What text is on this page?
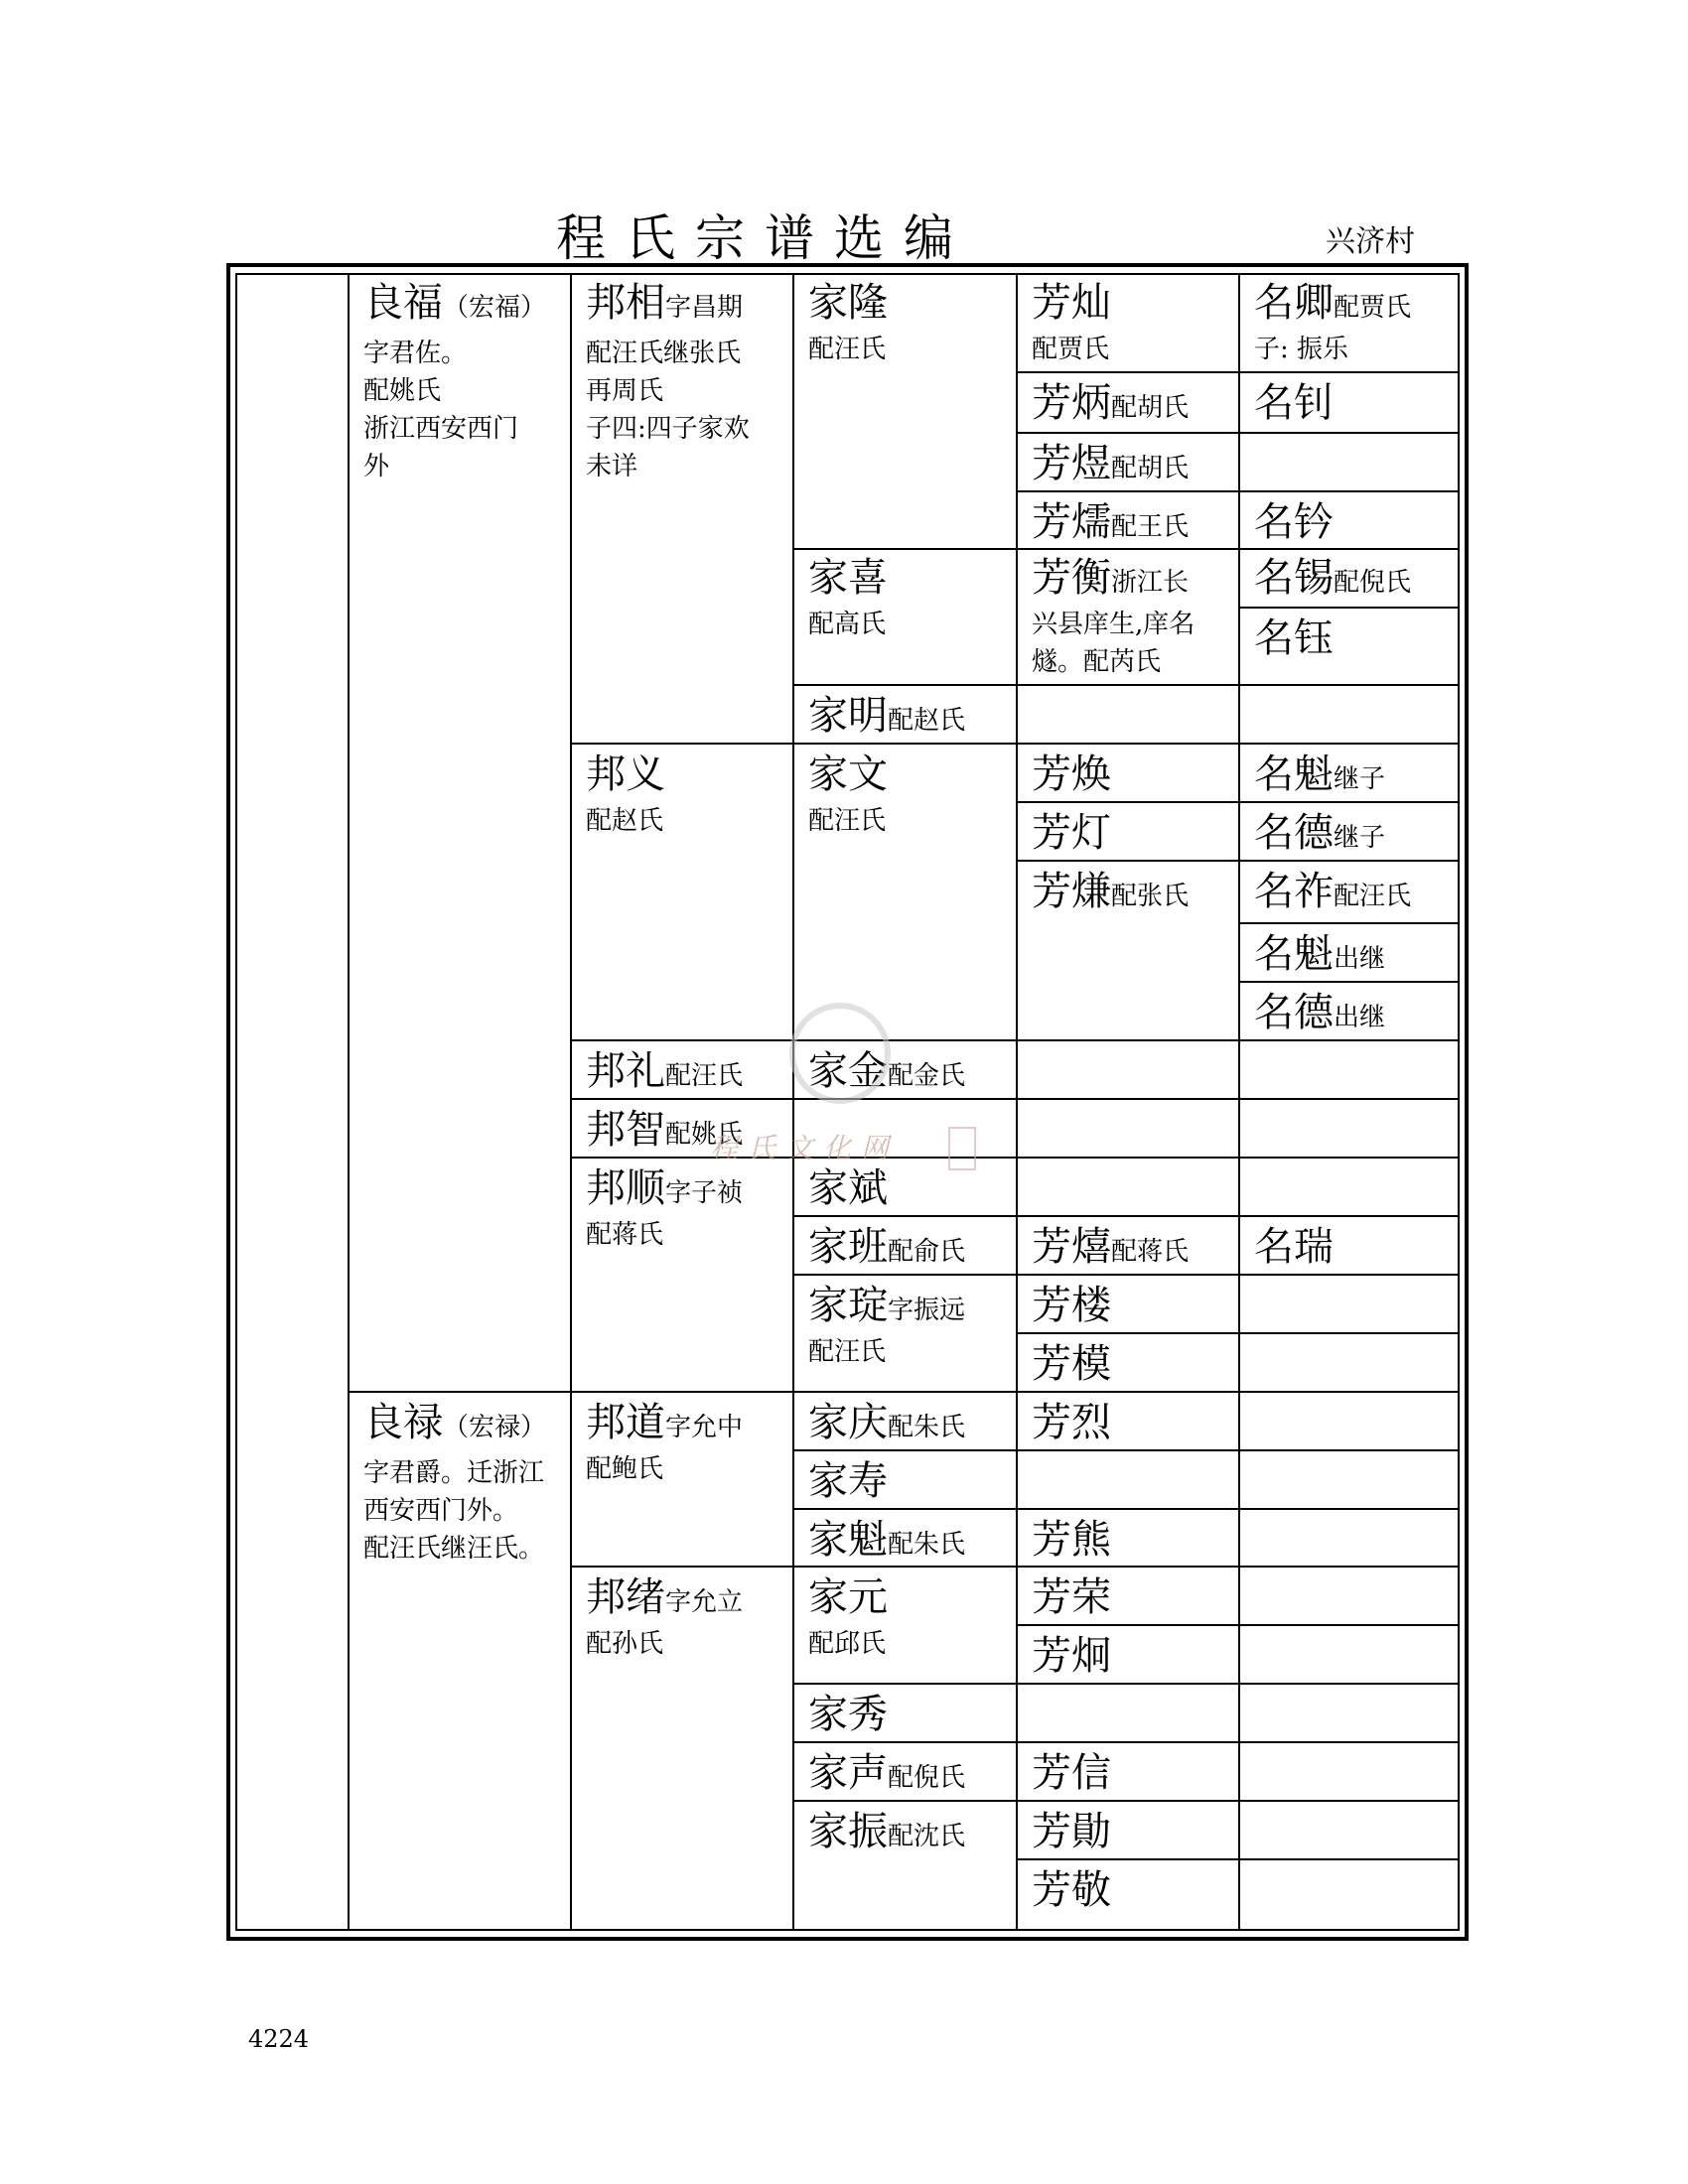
程氏宗谱选编	兴济村
良福（宏福）
字君佐。
配姚氏
浙江西安西门
外
良禄（宏禄）
字君爵。迁浙江
西安西门外。
配汪氏继汪氏。
邦相字昌期
配汪氏继张氏
再周氏
子四:四子家欢
未详
邦义
配赵氏
邦礼配汪氏
邦智配姚氏
邦顺字子祯
配蒋氏
邦道字允中
配鲍氏
邦绪字允立
配孙氏
家隆
配汪氏
家喜
配高氏
家明配赵氏
家文
配汪氏
家金配金氏
家斌
家班配俞氏
家琔字振远
配汪氏
家庆配朱氏
家寿
家魁配朱氏
家元
配邱氏
家秀
家声配倪氏
家振配沈氏
芳灿
配贾氏
芳炳配胡氏
芳煜配胡氏
芳燸配王氏
芳衡浙江长
兴县庠生,庠名
燧。配芮氏
芳焕
芳灯
芳熑配张氏
芳熺配蒋氏
芳楼
芳模
芳烈
芳熊
芳荣
芳炯
芳信
芳勛
芳敬
名卿配贾氏
子: 振乐
名钊
名钤
名锡配倪氏
名钰
名魁继子
名德继子
名祚配汪氏
名魁出继
名德出继
名瑞
程氏文化网
4224
